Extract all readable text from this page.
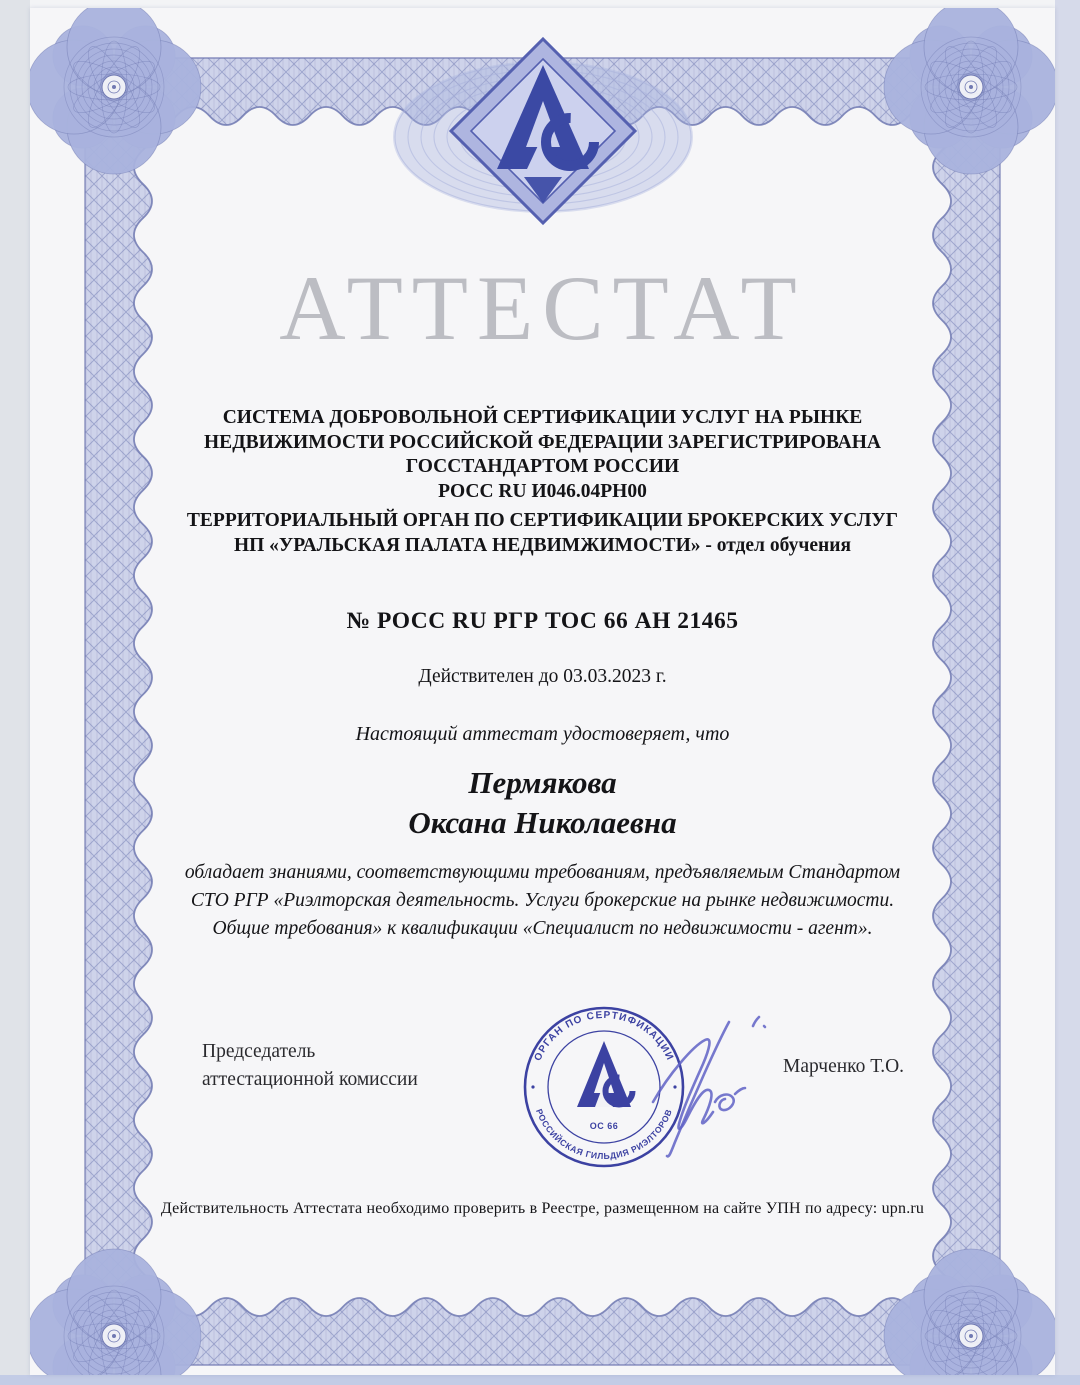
АТТЕСТАТ
СИСТЕМА ДОБРОВОЛЬНОЙ СЕРТИФИКАЦИИ УСЛУГ НА РЫНКЕ
НЕДВИЖИМОСТИ РОССИЙСКОЙ ФЕДЕРАЦИИ ЗАРЕГИСТРИРОВАНА
ГОССТАНДАРТОМ РОССИИ
РОСС RU И046.04РН00
ТЕРРИТОРИАЛЬНЫЙ ОРГАН ПО СЕРТИФИКАЦИИ БРОКЕРСКИХ УСЛУГ
НП «УРАЛЬСКАЯ ПАЛАТА НЕДВИМЖИМОСТИ» - отдел обучения
№ РОСС RU РГР ТОС 66 АН 21465
Действителен до 03.03.2023 г.
Настоящий аттестат удостоверяет, что
Пермякова
Оксана Николаевна
обладает знаниями, соответствующими требованиям, предъявляемым Стандартом
СТО РГР «Риэлторская деятельность. Услуги брокерские на рынке недвижимости.
Общие требования» к квалификации «Специалист по недвижимости - агент».
Председатель
аттестационной комиссии
ОРГАН ПО СЕРТИФИКАЦИИ
РОССИЙСКАЯ ГИЛЬДИЯ РИЭЛТОРОВ
ОС 66
Марченко Т.О.
Действительность Аттестата необходимо проверить в Реестре, размещенном на сайте УПН по адресу: upn.ru
